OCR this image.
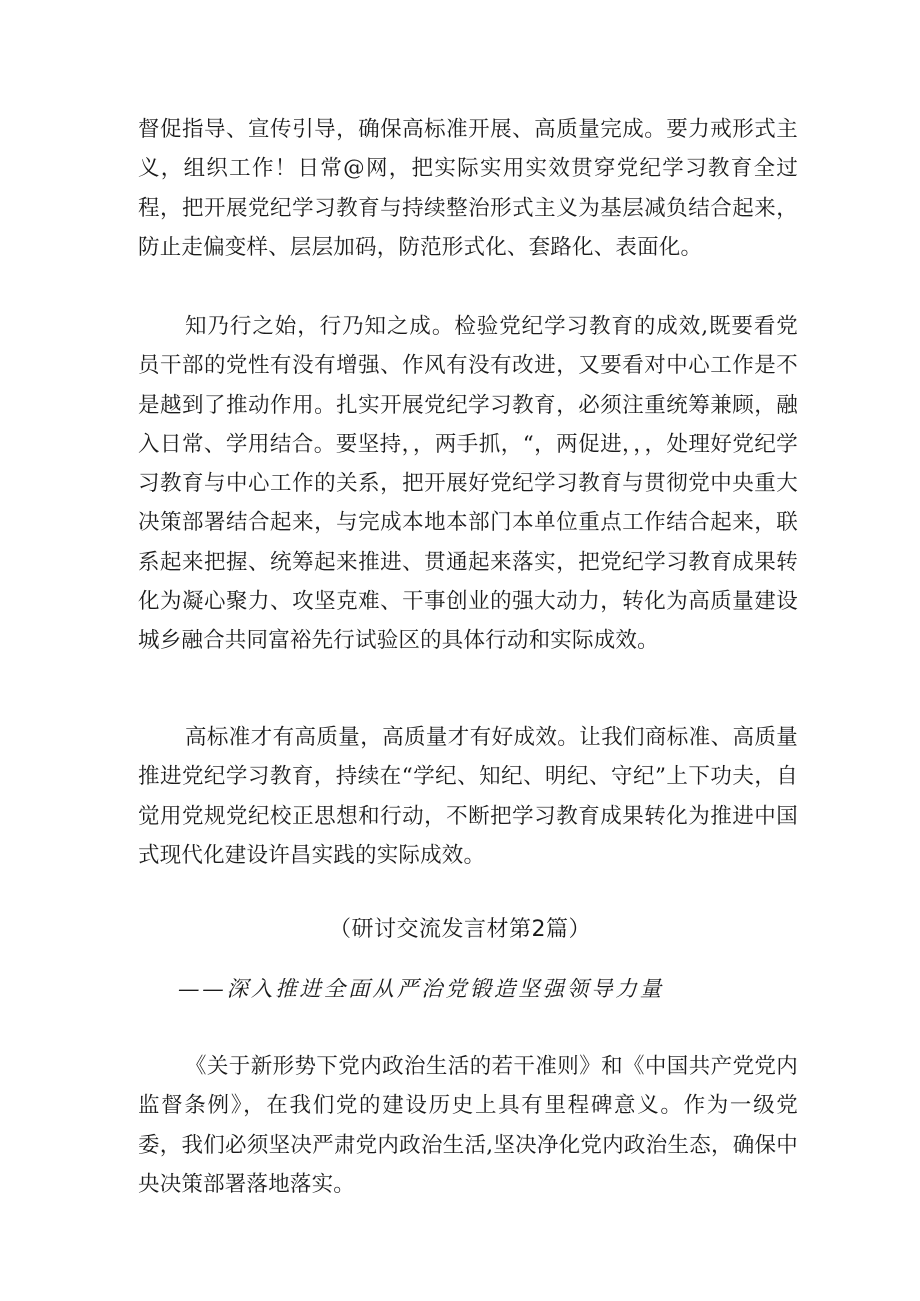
督促指导、宣传引导，确保高标准开展、高质量完成。要力戒形式主义，组织工作！日常@网，把实际实用实效贯穿党纪学习教育全过程，把开展党纪学习教育与持续整治形式主义为基层减负结合起来，防止走偏变样、层层加码，防范形式化、套路化、表面化。

知乃行之始，行乃知之成。检验党纪学习教育的成效,既要看党员干部的党性有没有增强、作风有没有改进，又要看对中心工作是不是越到了推动作用。扎实开展党纪学习教育，必须注重统筹兼顾，融入日常、学用结合。要坚持，，两手抓，“，两促进，，，处理好党纪学习教育与中心工作的关系，把开展好党纪学习教育与贯彻党中央重大决策部署结合起来，与完成本地本部门本单位重点工作结合起来，联系起来把握、统筹起来推进、贯通起来落实，把党纪学习教育成果转化为凝心聚力、攻坚克难、干事创业的强大动力，转化为高质量建设城乡融合共同富裕先行试验区的具体行动和实际成效。

高标准才有高质量，高质量才有好成效。让我们商标准、高质量推进党纪学习教育，持续在“学纪、知纪、明纪、守纪”上下功夫，自觉用党规党纪校正思想和行动，不断把学习教育成果转化为推进中国式现代化建设许昌实践的实际成效。

（研讨交流发言材第2篇）

——深入推进全面从严治党锻造坚强领导力量

《关于新形势下党内政治生活的若干准则》和《中国共产党党内监督条例》，在我们党的建设历史上具有里程碑意义。作为一级党委，我们必须坚决严肃党内政治生活,坚决净化党内政治生态，确保中央决策部署落地落实。
